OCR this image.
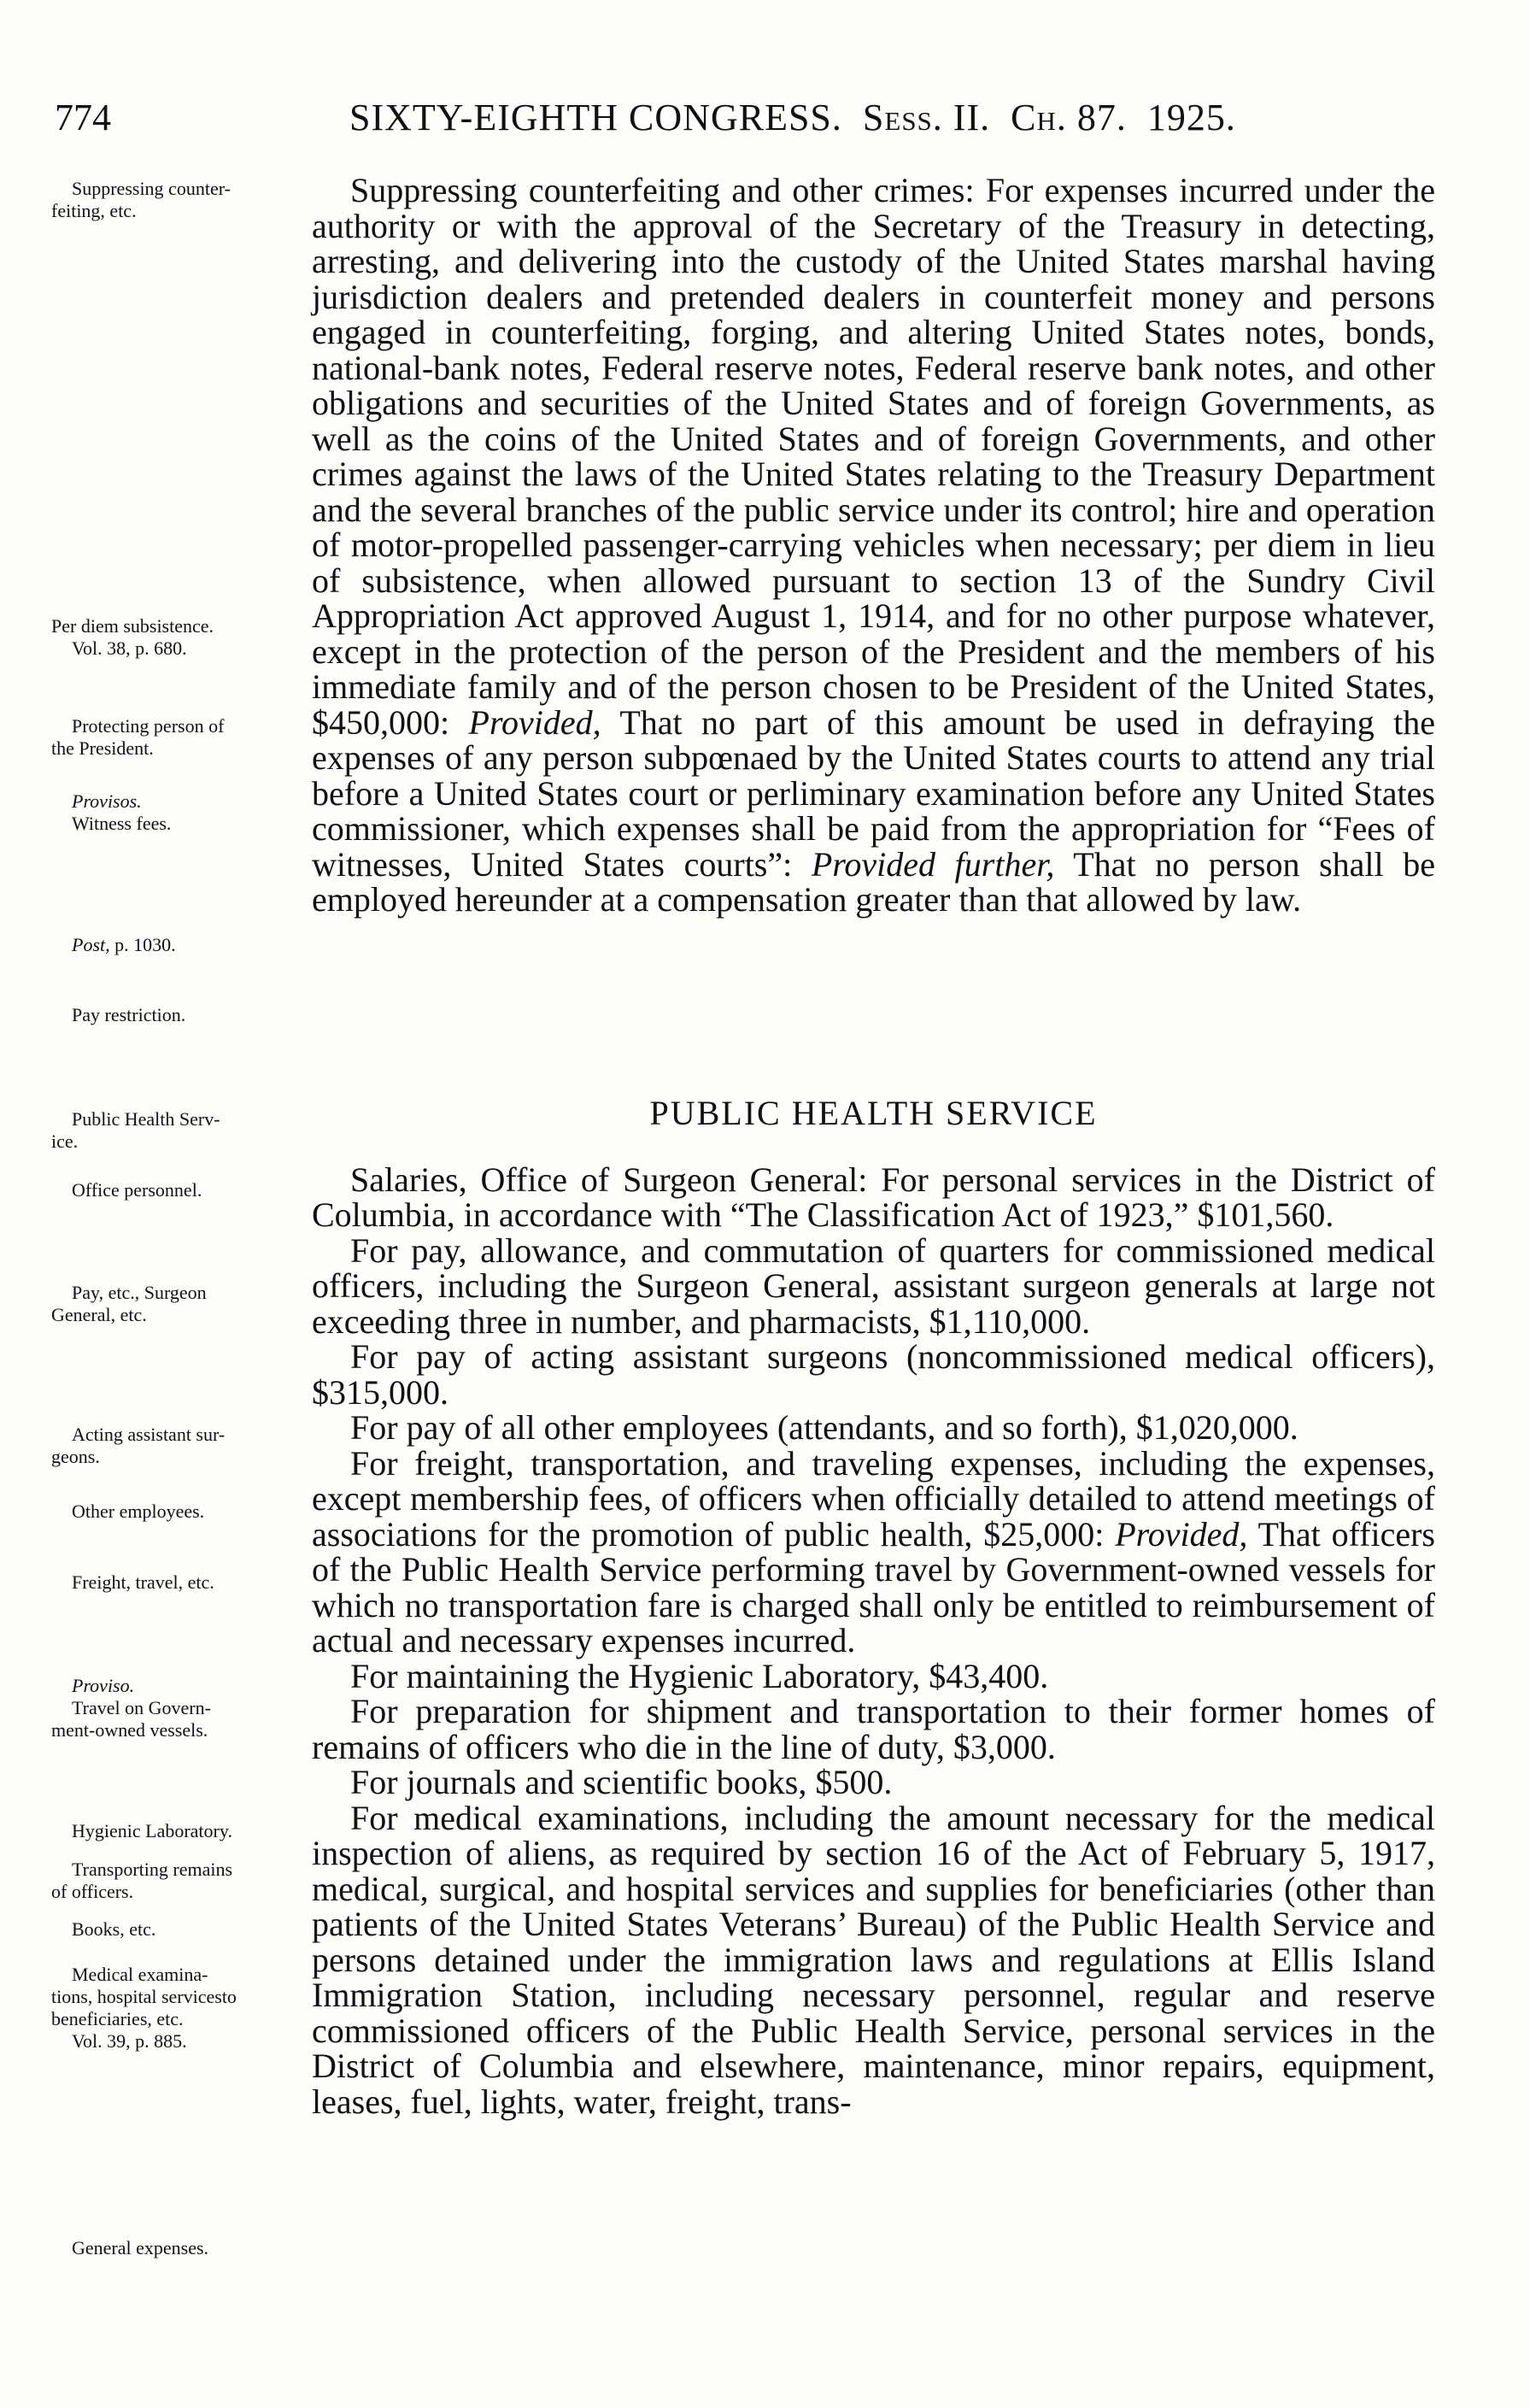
774	SIXTY-EIGHTH CONGRESS. Sess. II. Ch. 87. 1925.
Suppressing counter-
feiting, etc.
Per diem subsistence.
Vol. 38, p. 680.
Protecting person of
the President.
Provisos.
Witness fees.
Post, p. 1030.
Pay restriction.
Public Health Serv-
ice.
Office personnel.
Pay, etc., Surgeon
General, etc.
Acting assistant sur-
geons.
Other employees.
Freight, travel, etc.
Proviso.
Travel on Govern-
ment-owned vessels.
Hygienic Laboratory.
Transporting remains
of officers.
Books, etc.
Medical examina-
tions, hospital servicesto beneficiaries, etc.
Vol. 39, p. 885.
General expenses.

Suppressing counterfeiting and other crimes: For expenses incurred under the authority or with the approval of the Secretary of the Treasury in detecting, arresting, and delivering into the custody of the United States marshal having jurisdiction dealers and pretended dealers in counterfeit money and persons engaged in counterfeiting, forging, and altering United States notes, bonds, national-bank notes, Federal reserve notes, Federal reserve bank notes, and other obligations and securities of the United States and of foreign Governments, as well as the coins of the United States and of foreign Governments, and other crimes against the laws of the United States relating to the Treasury Department and the several branches of the public service under its control; hire and operation of motor-propelled passenger-carrying vehicles when necessary; per diem in lieu of subsistence, when allowed pursuant to section 13 of the Sundry Civil Appropriation Act approved August 1, 1914, and for no other purpose whatever, except in the protection of the person of the President and the members of his immediate family and of the person chosen to be President of the United States, $450,000: Provided, That no part of this amount be used in defraying the expenses of any person subpœnaed by the United States courts to attend any trial before a United States court or perliminary examination before any United States commissioner, which expenses shall be paid from the appropriation for “Fees of witnesses, United States courts”: Provided further, That no person shall be employed hereunder at a compensation greater than that allowed by law.

PUBLIC HEALTH SERVICE

Salaries, Office of Surgeon General: For personal services in the District of Columbia, in accordance with “The Classification Act of 1923,” $101,560.

For pay, allowance, and commutation of quarters for commissioned medical officers, including the Surgeon General, assistant surgeon generals at large not exceeding three in number, and pharmacists, $1,110,000.

For pay of acting assistant surgeons (noncommissioned medical officers), $315,000.

For pay of all other employees (attendants, and so forth), $1,020,000.

For freight, transportation, and traveling expenses, including the expenses, except membership fees, of officers when officially detailed to attend meetings of associations for the promotion of public health, $25,000: Provided, That officers of the Public Health Service performing travel by Government-owned vessels for which no transportation fare is charged shall only be entitled to reimbursement of actual and necessary expenses incurred.

For maintaining the Hygienic Laboratory, $43,400.

For preparation for shipment and transportation to their former homes of remains of officers who die in the line of duty, $3,000.

For journals and scientific books, $500.

For medical examinations, including the amount necessary for the medical inspection of aliens, as required by section 16 of the Act of February 5, 1917, medical, surgical, and hospital services and supplies for beneficiaries (other than patients of the United States Veterans’ Bureau) of the Public Health Service and persons detained under the immigration laws and regulations at Ellis Island Immigration Station, including necessary personnel, regular and reserve commissioned officers of the Public Health Service, personal services in the District of Columbia and elsewhere, maintenance, minor repairs, equipment, leases, fuel, lights, water, freight, trans-
